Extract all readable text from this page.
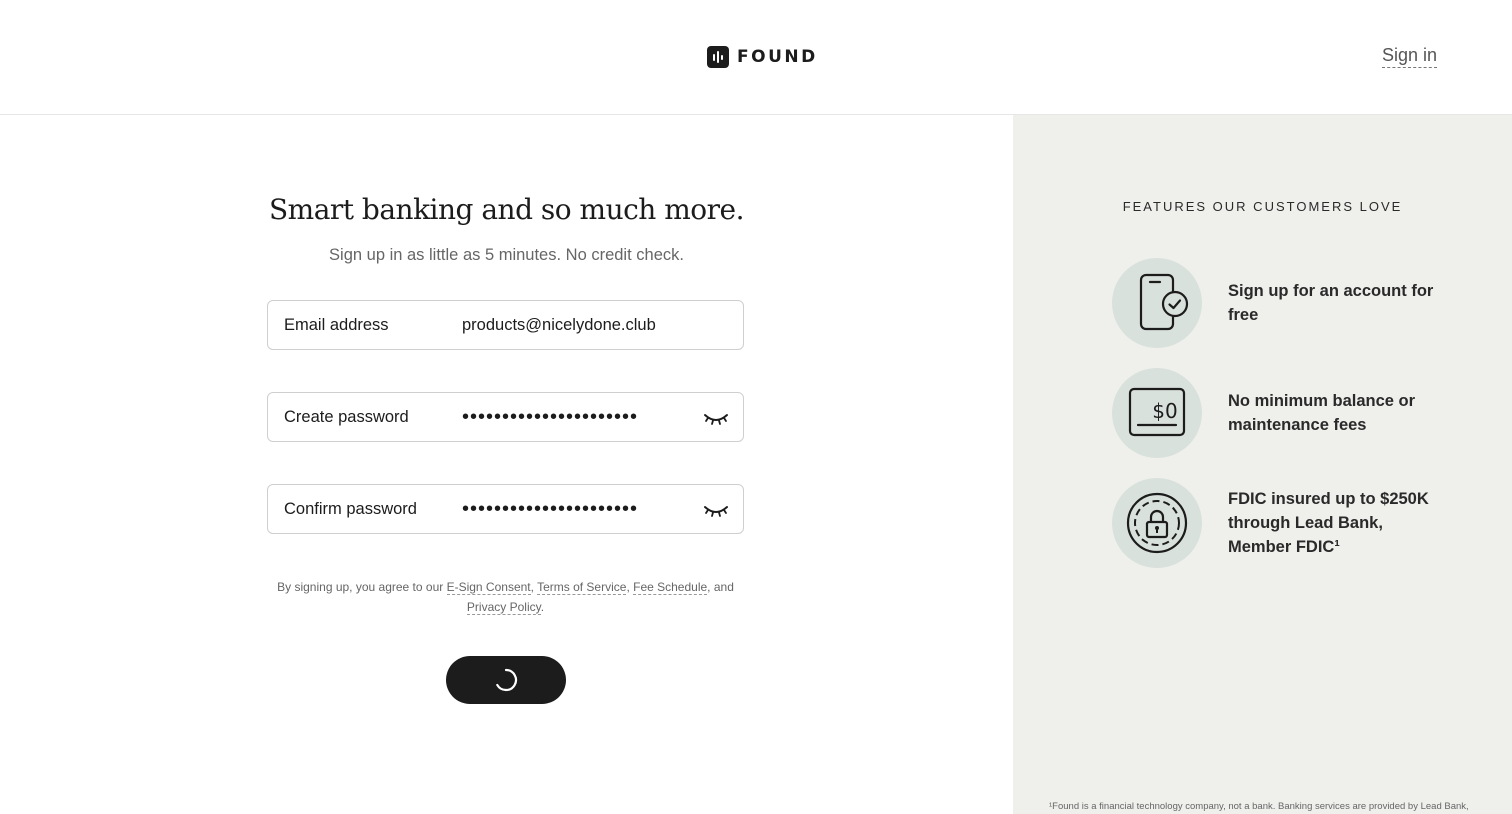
FOUND	Sign in
Smart banking and so much more.
Sign up in as little as 5 minutes. No credit check.
Email address
products@nicelydone.club
Create password
••••••••••••••••••••••
Confirm password
••••••••••••••••••••••
By signing up, you agree to our E-Sign Consent, Terms of Service, Fee Schedule, and
Privacy Policy.
FEATURES OUR CUSTOMERS LOVE
Sign up for an account for
free
$0	No minimum balance or
maintenance fees
FDIC insured up to $250K
through Lead Bank,
Member FDIC¹
¹Found is a financial technology company, not a bank. Banking services are provided by Lead Bank,
